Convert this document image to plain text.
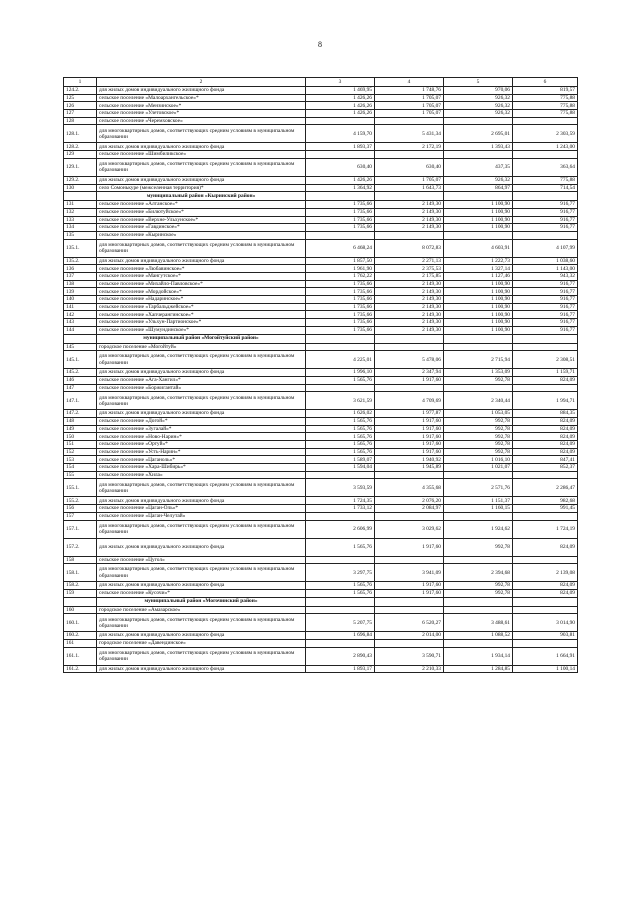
8
1	2	3	4	5	6
124.2.	для жилых домов индивидуального жилищного фонда	1 469,95	1 748,76	970,06	819,57
125	сельское поселение «Малоархангельское»*	1 426,26	1 705,07	926,32	775,88
126	сельское поселение «Мензинское»*	1 426,26	1 705,07	926,32	775,88
127	сельское поселение «Улетовское»*	1 426,26	1 705,07	926,32	775,88
128	сельское поселение «Черемховское»				
128.1.	для многоквартирных домов, соответствующих средним условиям в муниципальном образовании	4 159,70	5 431,34	2 695,01	2 303,59
128.2.	для жилых домов индивидуального жилищного фонда	1 893,37	2 172,19	1 393,43	1 243,00
129	сельское поселение «Шимбиликское»				
129.1.	для многоквартирных домов, соответствующих средним условиям в муниципальном образовании	630,40	630,40	437,35	363,64
129.2.	для жилых домов индивидуального жилищного фонда	1 426,26	1 705,07	926,32	775,88
130	село Сомонькуре (межселенная территория)*	1 364,92	1 643,73	864,97	714,54
	муниципальный район «Кыринский район»				
131	сельское поселение «Алтанское»*	1 735,66	2 149,30	1 100,90	916,77
132	сельское поселение «Билютуйское»*	1 735,66	2 149,30	1 100,90	916,77
133	сельское поселение «Верхне-Ульхунское»*	1 735,66	2 149,30	1 100,90	916,77
134	сельское поселение «Гавдинское»*	1 735,66	2 149,30	1 100,90	916,77
135	сельское поселение «Кыринское»				
135.1.	для многоквартирных домов, соответствующих средним условиям в муниципальном образовании	6 468,24	8 072,83	4 603,91	4 107,99
135.2.	для жилых домов индивидуального жилищного фонда	1 857,50	2 271,13	1 222,73	1 038,60
136	сельское поселение «Любавинское»*	1 961,90	2 375,53	1 327,14	1 143,00
137	сельское поселение «Мангутское»*	1 762,22	2 175,85	1 127,46	943,32
138	сельское поселение «Михайло-Павловское»*	1 735,66	2 149,30	1 100,90	916,77
139	сельское поселение «Мордойское»*	1 735,66	2 149,30	1 100,90	916,77
140	сельское поселение «Надаринское»*	1 735,66	2 149,30	1 100,90	916,77
141	сельское поселение «Тарбальджейское»*	1 735,66	2 149,30	1 100,90	916,77
142	сельское поселение «Хапчерангинское»*	1 735,66	2 149,30	1 100,90	916,77
143	сельское поселение «Ульхун-Партионское»*	1 735,66	2 149,30	1 100,90	916,77
144	сельское поселение «Шумундинское»*	1 735,66	2 149,30	1 100,90	916,77
	муниципальный район «Могойтуйский район»				
145	городское поселение «Могойтуй»				
145.1.	для многоквартирных домов, соответствующих средним условиям в муниципальном образовании	4 225,01	5 478,06	2 715,94	2 308,51
145.2.	для жилых домов индивидуального жилищного фонда	1 996,10	2 347,94	1 353,09	1 159,71
146	сельское поселение «Ага-Хангил»*	1 565,76	1 917,60	992,78	824,09
147	сельское поселение «Боржигантай»				
147.1.	для многоквартирных домов, соответствующих средним условиям в муниципальном образовании	3 621,59	4 709,69	2 340,44	1 994,71
147.2.	для жилых домов индивидуального жилищного фонда	1 626,02	1 977,87	1 053,05	884,35
148	сельское поселение «Догой»*	1 565,76	1 917,60	992,78	824,09
149	сельское поселение «Зугалай»*	1 565,76	1 917,60	992,78	824,09
150	сельское поселение «Ново-Нарин»*	1 565,76	1 917,60	992,78	824,09
151	сельское поселение «Ортуй»*	1 565,76	1 917,60	992,78	824,09
152	сельское поселение «Усть-Нарин»*	1 565,76	1 917,60	992,78	824,09
153	сельское поселение «Цаганоль»*	1 589,07	1 940,92	1 016,10	847,41
154	сельское поселение «Хара-Шибирь»*	1 594,04	1 945,89	1 021,07	852,37
155	сельское поселение «Хила»				
155.1.	для многоквартирных домов, соответствующих средним условиям в муниципальном образовании	3 593,59	4 355,68	2 571,76	2 286,47
155.2.	для жилых домов индивидуального жилищного фонда	1 724,35	2 076,20	1 151,37	982,68
156	сельское поселение «Цаган-Оль»*	1 733,12	2 084,97	1 160,15	991,45
157	сельское поселение «Цаган-Челутай»				
157.1.	для многоквартирных домов, соответствующих средним условиям в муниципальном образовании	2 606,99	3 029,62	1 924,62	1 724,19
157.2.	для жилых домов индивидуального жилищного фонда	1 565,76	1 917,60	992,78	824,09
158	сельское поселение «Цугол»				
158.1.	для многоквартирных домов, соответствующих средним условиям в муниципальном образовании	3 297,75	3 941,09	2 394,68	2 139,08
158.2.	для жилых домов индивидуального жилищного фонда	1 565,76	1 917,60	992,78	824,09
159	сельское поселение «Кусочи»*	1 565,76	1 917,60	992,78	824,09
	муниципальный район «Могочинский район»				
160	городское поселение «Амазарское»				
160.1.	для многоквартирных домов, соответствующих средним условиям в муниципальном образовании	5 207,75	6 520,27	3 488,61	3 014,90
160.2.	для жилых домов индивидуального жилищного фонда	1 696,84	2 014,00	1 088,52	903,81
161	городское поселение «Давендинское»				
161.1.	для многоквартирных домов, соответствующих средним условиям в муниципальном образовании	2 890,43	3 590,71	1 934,14	1 664,91
161.2.	для жилых домов индивидуального жилищного фонда	1 893,17	2 210,33	1 284,85	1 100,14
